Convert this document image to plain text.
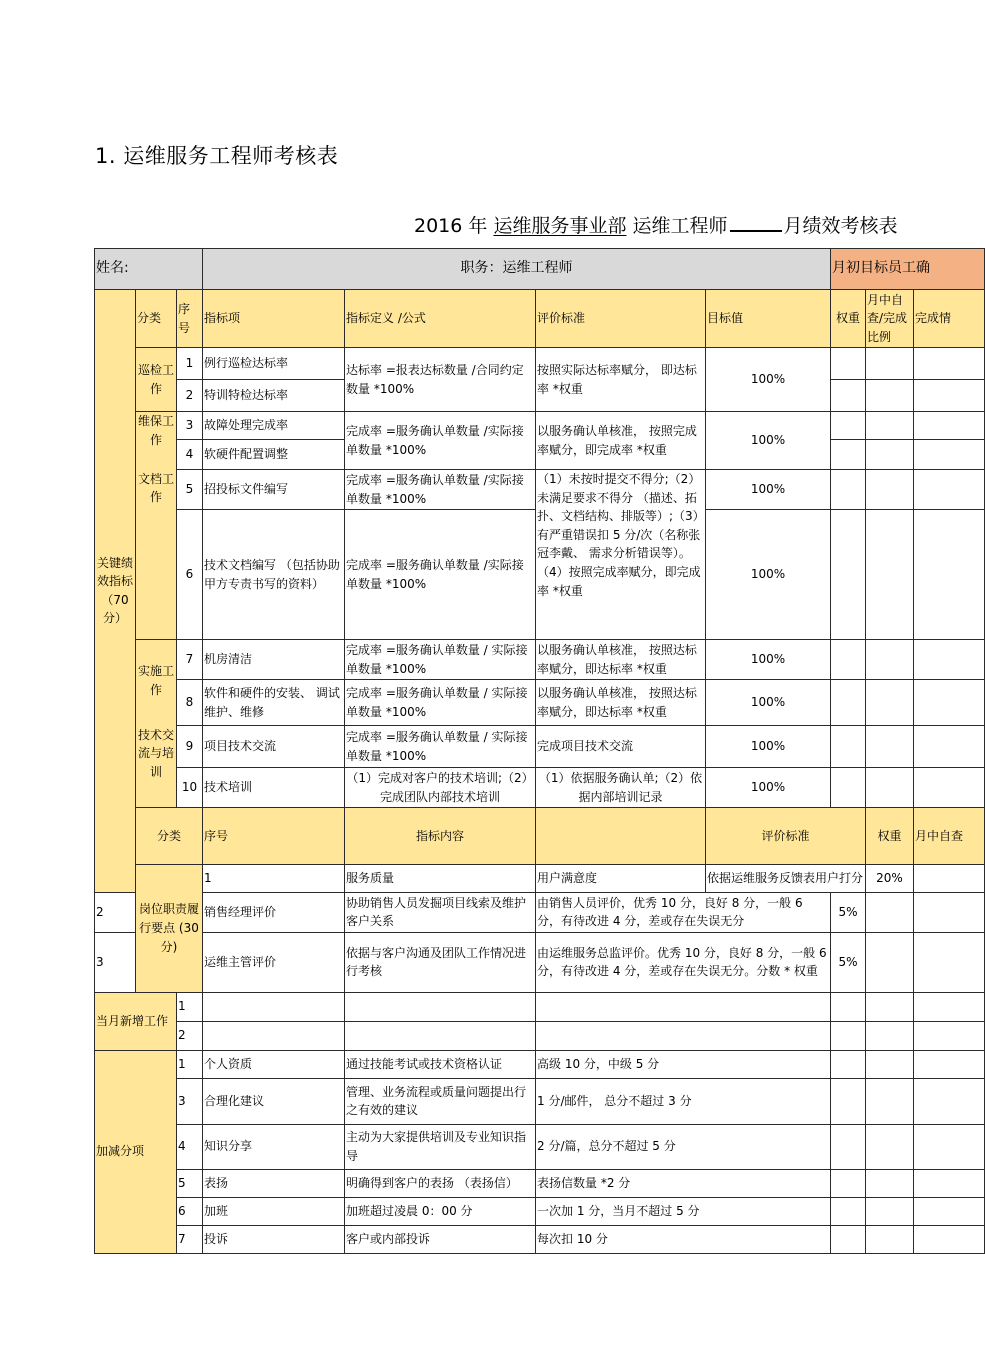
1. 运维服务工程师考核表
2016 年 运维服务事业部 运维工程师	月绩效考核表
姓名:			职务：运维工程师				月初目标员工确			
关键绩效指标（70分）	分类	序号	指标项	指标定义 /公式	评价标准	目标值	权重	月中自查/完成比例	完成情	
	巡检工作	1	例行巡检达标率	达标率 =报表达标数量 /合同约定数量 *100%	按照实际达标率赋分， 即达标率 *权重	100%				
		2	特训特检达标率							
	维保工作	3	故障处理完成率	完成率 =服务确认单数量 /实际接单数量 *100%	以服务确认单核准， 按照完成率赋分，即完成率 *权重	100%				
		4	软硬件配置调整							
	文档工作	5	招投标文件编写	完成率 =服务确认单数量 /实际接单数量 *100%	（1）未按时提交不得分;（2）未满足要求不得分 （描述、拓扑、文档结构、排版等）;（3）有严重错误扣 5 分/次（名称张冠李戴、 需求分析错误等）。（4）按照完成率赋分，即完成率 *权重	100%				
		6	技术文档编写 （包括协助甲方专责书写的资料）	完成率 =服务确认单数量 /实际接单数量 *100%		100%				
	实施工作	7	机房清洁	完成率 =服务确认单数量 / 实际接单数量 *100%	以服务确认单核准， 按照达标率赋分，即达标率 *权重	100%				
		8	软件和硬件的安装、 调试维护、维修	完成率 =服务确认单数量 / 实际接单数量 *100%	以服务确认单核准， 按照达标率赋分，即达标率 *权重	100%				
	技术交流与培训	9	项目技术交流	完成率 =服务确认单数量 / 实际接单数量 *100%	完成项目技术交流	100%				
		10	技术培训	（1）完成对客户的技术培训;（2）完成团队内部技术培训	（1）依据服务确认单;（2）依据内部培训记录	100%				
	分类		序号	指标内容		评价标准		权重	月中自查	
	岗位职责履行要点 (30 分)		1	服务质量	用户满意度	依据运维服务反馈表用户打分		20%		
2			销售经理评价	协助销售人员发掘项目线索及维护客户关系	由销售人员评价，优秀 10 分，良好 8 分，一般 6 分，有待改进 4 分，差或存在失误无分		5%			
3			运维主管评价	依据与客户沟通及团队工作情况进行考核	由运维服务总监评价。优秀 10 分，良好 8 分，一般 6 分，有待改进 4 分，差或存在失误无分。分数 * 权重		5%			
当月新增工作		1								
		2								
加减分项		1	个人资质	通过技能考试或技术资格认证	高级 10 分，中级 5 分					
		3	合理化建议	管理、业务流程或质量问题提出行之有效的建议	1 分/邮件， 总分不超过 3 分					
		4	知识分享	主动为大家提供培训及专业知识指导	2 分/篇，总分不超过 5 分					
		5	表扬	明确得到客户的表扬 （表扬信）	表扬信数量 *2 分					
		6	加班	加班超过凌晨 0：00 分	一次加 1 分，当月不超过 5 分					
		7	投诉	客户或内部投诉	每次扣 10 分					
